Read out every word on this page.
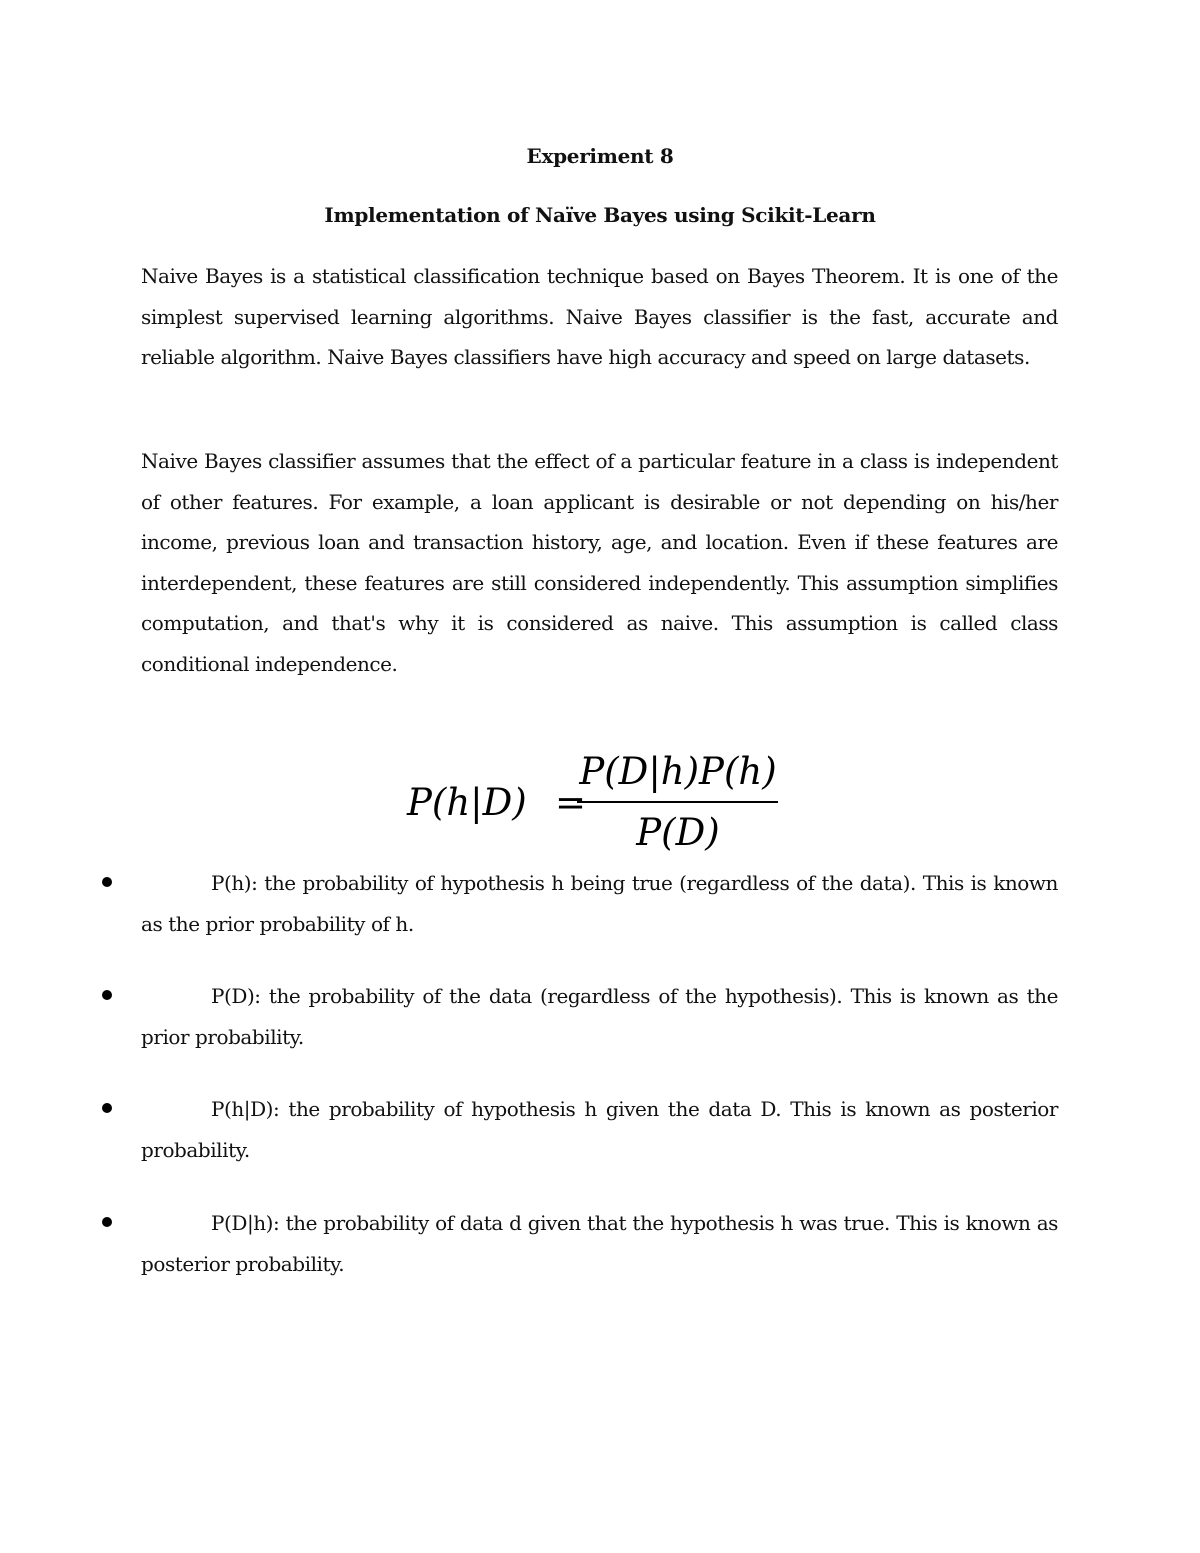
Experiment 8
Implementation of Naïve Bayes using Scikit-Learn

Naive Bayes is a statistical classification technique based on Bayes Theorem. It is one of the simplest supervised learning algorithms. Naive Bayes classifier is the fast, accurate and reliable algorithm. Naive Bayes classifiers have high accuracy and speed on large datasets.

Naive Bayes classifier assumes that the effect of a particular feature in a class is independent of other features. For example, a loan applicant is desirable or not depending on his/her income, previous loan and transaction history, age, and location. Even if these features are interdependent, these features are still considered independently. This assumption simplifies computation, and that's why it is considered as naive. This assumption is called class conditional independence.

P(h|D) =
P(D|h)P(h)
P(D)
P(h): the probability of hypothesis h being true (regardless of the data). This is known as the prior probability of h.
P(D): the probability of the data (regardless of the hypothesis). This is known as the prior probability.
P(h|D): the probability of hypothesis h given the data D. This is known as posterior probability.
P(D|h): the probability of data d given that the hypothesis h was true. This is known as posterior probability.
